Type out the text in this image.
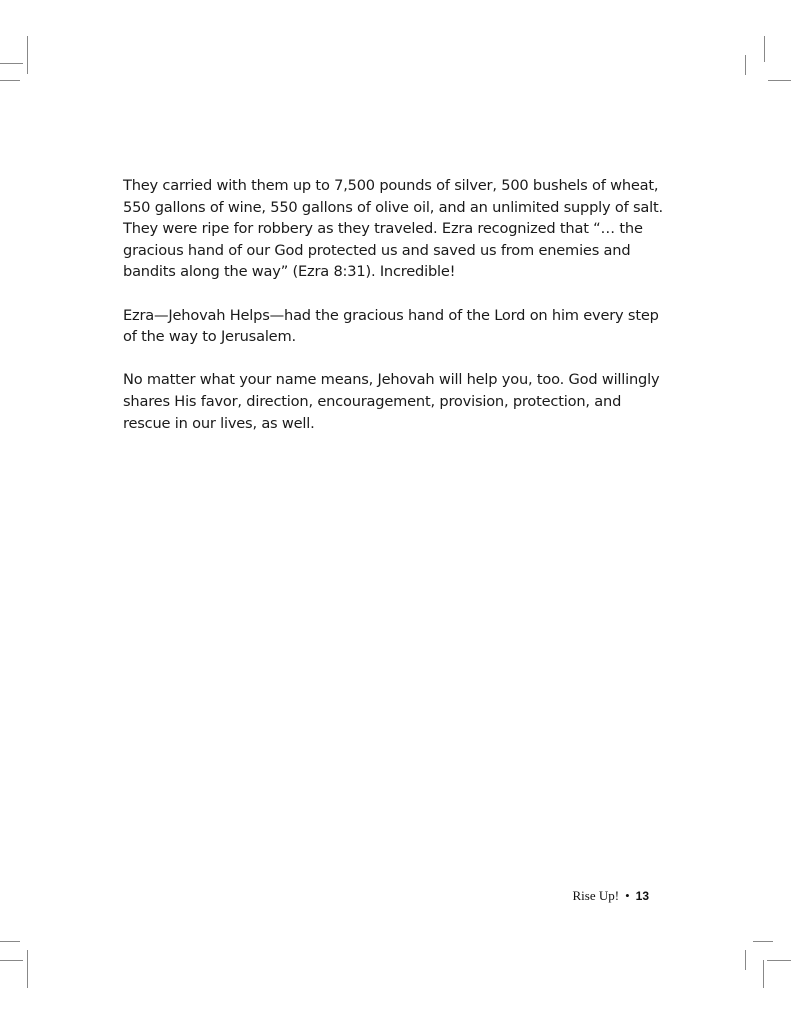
They carried with them up to 7,500 pounds of silver, 500 bushels of wheat, 550 gallons of wine, 550 gallons of olive oil, and an unlimited supply of salt. They were ripe for robbery as they traveled. Ezra recognized that “… the gracious hand of our God protected us and saved us from enemies and bandits along the way” (Ezra 8:31). Incredible!

Ezra—Jehovah Helps—had the gracious hand of the Lord on him every step of the way to Jerusalem.

No matter what your name means, Jehovah will help you, too. God willingly shares His favor, direction, encouragement, provision, protection, and rescue in our lives, as well.

Rise Up! • 13
